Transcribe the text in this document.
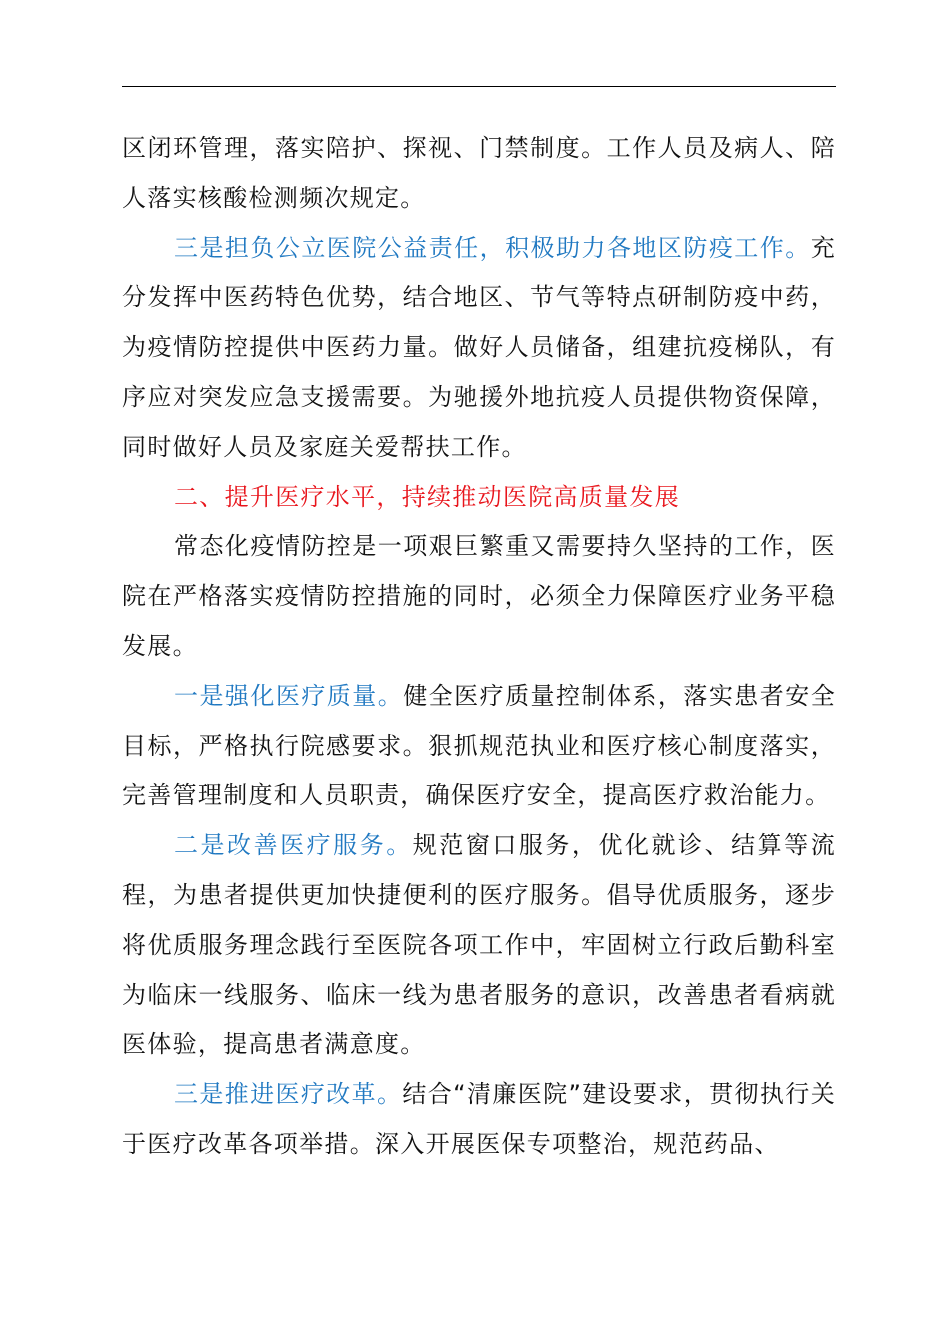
区闭环管理，落实陪护、探视、门禁制度。工作人员及病人、陪人落实核酸检测频次规定。

三是担负公立医院公益责任，积极助力各地区防疫工作。充分发挥中医药特色优势，结合地区、节气等特点研制防疫中药，为疫情防控提供中医药力量。做好人员储备，组建抗疫梯队，有序应对突发应急支援需要。为驰援外地抗疫人员提供物资保障，同时做好人员及家庭关爱帮扶工作。

二、提升医疗水平，持续推动医院高质量发展

常态化疫情防控是一项艰巨繁重又需要持久坚持的工作，医院在严格落实疫情防控措施的同时，必须全力保障医疗业务平稳发展。

一是强化医疗质量。健全医疗质量控制体系，落实患者安全目标，严格执行院感要求。狠抓规范执业和医疗核心制度落实，完善管理制度和人员职责，确保医疗安全，提高医疗救治能力。

二是改善医疗服务。规范窗口服务，优化就诊、结算等流程，为患者提供更加快捷便利的医疗服务。倡导优质服务，逐步将优质服务理念践行至医院各项工作中，牢固树立行政后勤科室为临床一线服务、临床一线为患者服务的意识，改善患者看病就医体验，提高患者满意度。

三是推进医疗改革。结合“清廉医院”建设要求，贯彻执行关于医疗改革各项举措。深入开展医保专项整治，规范药品、
